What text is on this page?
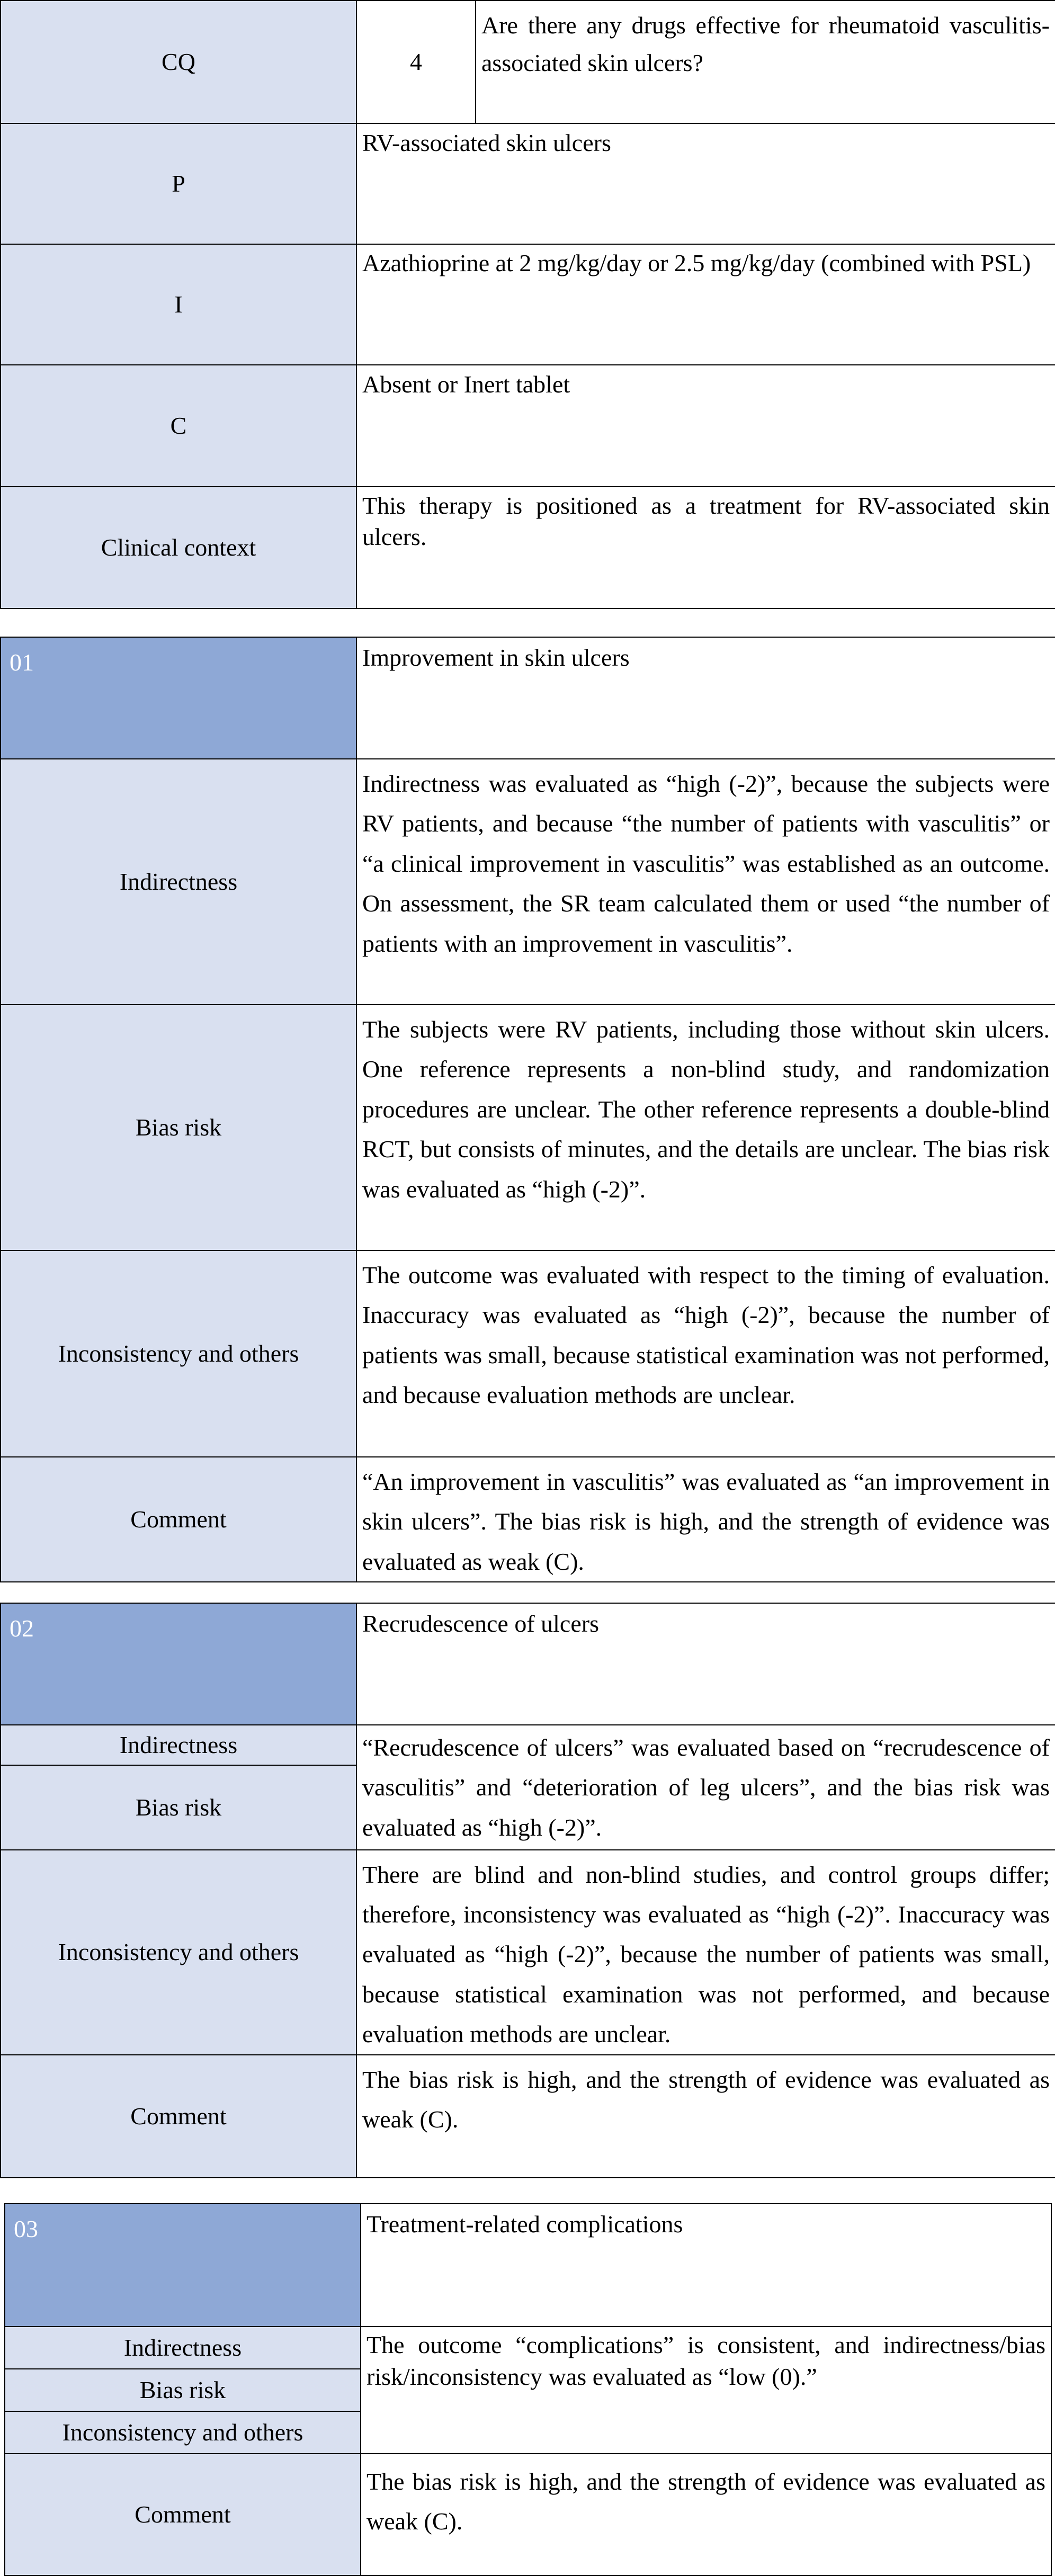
CQ	4	Are there any drugs effective for rheumatoid vasculitis-associated skin ulcers?
P	RV-associated skin ulcers	
I	Azathioprine at 2 mg/kg/day or 2.5 mg/kg/day (combined with PSL)	
C	Absent or Inert tablet	
Clinical context	This therapy is positioned as a treatment for RV-associated skin ulcers.	
01	Improvement in skin ulcers
Indirectness	Indirectness was evaluated as “high (-2)”, because the subjects were RV patients, and because “the number of patients with vasculitis” or “a clinical improvement in vasculitis” was established as an outcome. On assessment, the SR team calculated them or used “the number of patients with an improvement in vasculitis”.
Bias risk	The subjects were RV patients, including those without skin ulcers. One reference represents a non-blind study, and randomization procedures are unclear. The other reference represents a double-blind RCT, but consists of minutes, and the details are unclear. The bias risk was evaluated as “high (-2)”.
Inconsistency and others	The outcome was evaluated with respect to the timing of evaluation. Inaccuracy was evaluated as “high (-2)”, because the number of patients was small, because statistical examination was not performed, and because evaluation methods are unclear.
Comment	“An improvement in vasculitis” was evaluated as “an improvement in skin ulcers”. The bias risk is high, and the strength of evidence was evaluated as weak (C).
02	Recrudescence of ulcers
Indirectness	“Recrudescence of ulcers” was evaluated based on “recrudescence of vasculitis” and “deterioration of leg ulcers”, and the bias risk was evaluated as “high (-2)”.
Bias risk	
Inconsistency and others	There are blind and non-blind studies, and control groups differ; therefore, inconsistency was evaluated as “high (-2)”. Inaccuracy was evaluated as “high (-2)”, because the number of patients was small, because statistical examination was not performed, and because evaluation methods are unclear.
Comment	The bias risk is high, and the strength of evidence was evaluated as weak (C).
03	Treatment-related complications
Indirectness	The outcome “complications” is consistent, and indirectness/bias risk/inconsistency was evaluated as “low (0).”
Bias risk	
Inconsistency and others	
Comment	The bias risk is high, and the strength of evidence was evaluated as weak (C).
